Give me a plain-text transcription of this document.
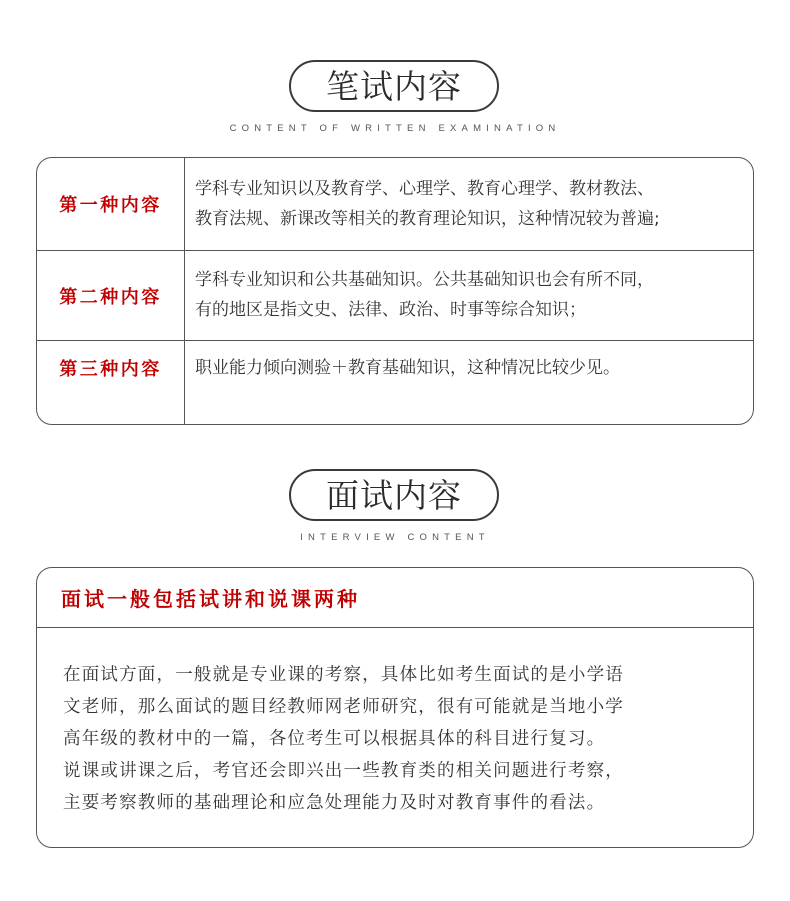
笔试内容
CONTENT OF WRITTEN EXAMINATION
第一种内容
学科专业知识以及教育学、心理学、教育心理学、教材教法、
教育法规、新课改等相关的教育理论知识，这种情况较为普遍;
第二种内容
学科专业知识和公共基础知识。公共基础知识也会有所不同，
有的地区是指文史、法律、政治、时事等综合知识；
第三种内容	职业能力倾向测验＋教育基础知识，这种情况比较少见。
面试内容
INTERVIEW CONTENT
面试一般包括试讲和说课两种
在面试方面，一般就是专业课的考察，具体比如考生面试的是小学语
文老师，那么面试的题目经教师网老师研究，很有可能就是当地小学
高年级的教材中的一篇，各位考生可以根据具体的科目进行复习。
说课或讲课之后，考官还会即兴出一些教育类的相关问题进行考察，
主要考察教师的基础理论和应急处理能力及时对教育事件的看法。
